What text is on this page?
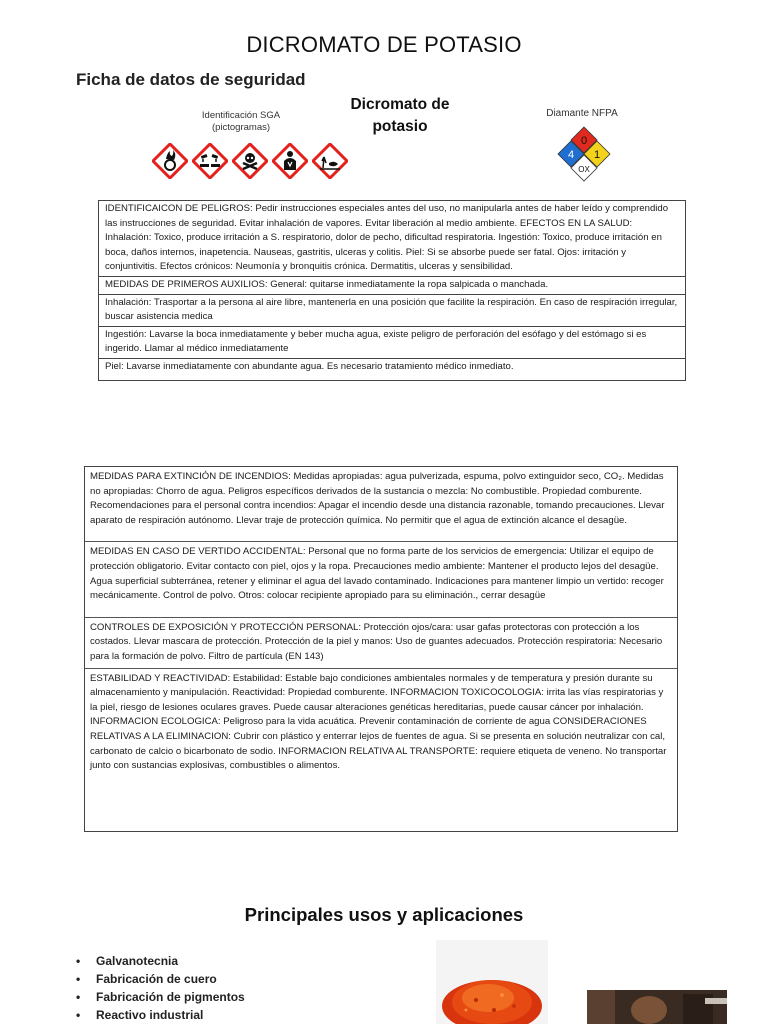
DICROMATO DE POTASIO
Ficha de datos de seguridad
Identificación SGA
(pictogramas)
Dicromato de
potasio
Diamante NFPA
0
4 1
OX

IDENTIFICAICON DE PELIGROS: Pedir instrucciones especiales antes del uso, no manipularla antes de haber leído y comprendido las instrucciones de seguridad. Evitar inhalación de vapores. Evitar liberación al medio ambiente. EFECTOS EN LA SALUD: Inhalación: Toxico, produce irritación a S. respiratorio, dolor de pecho, dificultad respiratoria. Ingestión: Toxico, produce irritación en boca, daños internos, inapetencia. Nauseas, gastritis, ulceras y colitis. Piel: Si se absorbe puede ser fatal. Ojos: irritación y conjuntivitis. Efectos crónicos: Neumonía y bronquitis crónica. Dermatitis, ulceras y sensibilidad.

MEDIDAS DE PRIMEROS AUXILIOS: General: quitarse inmediatamente la ropa salpicada o manchada.

Inhalación: Trasportar a la persona al aire libre, mantenerla en una posición que facilite la respiración. En caso de respiración irregular, buscar asistencia medica

Ingestión: Lavarse la boca inmediatamente y beber mucha agua, existe peligro de perforación del esófago y del estómago si es ingerido. Llamar al médico inmediatamente

Piel: Lavarse inmediatamente con abundante agua. Es necesario tratamiento médico inmediato.

MEDIDAS PARA EXTINCIÓN DE INCENDIOS: Medidas apropiadas: agua pulverizada, espuma, polvo extinguidor seco, CO₂. Medidas no apropiadas: Chorro de agua. Peligros específicos derivados de la sustancia o mezcla: No combustible. Propiedad comburente. Recomendaciones para el personal contra incendios: Apagar el incendio desde una distancia razonable, tomando precauciones. Llevar aparato de respiración autónomo. Llevar traje de protección química. No permitir que el agua de extinción alcance el desagüe.

MEDIDAS EN CASO DE VERTIDO ACCIDENTAL: Personal que no forma parte de los servicios de emergencia: Utilizar el equipo de protección obligatorio. Evitar contacto con piel, ojos y la ropa. Precauciones medio ambiente: Mantener el producto lejos del desagüe. Agua superficial subterránea, retener y eliminar el agua del lavado contaminado. Indicaciones para mantener limpio un vertido: recoger mecánicamente. Control de polvo. Otros: colocar recipiente apropiado para su eliminación., cerrar desagüe

CONTROLES DE EXPOSICIÓN Y PROTECCIÓN PERSONAL: Protección ojos/cara: usar gafas protectoras con protección a los costados. Llevar mascara de protección. Protección de la piel y manos: Uso de guantes adecuados. Protección respiratoria: Necesario para la formación de polvo. Filtro de partícula (EN 143)

ESTABILIDAD Y REACTIVIDAD: Estabilidad: Estable bajo condiciones ambientales normales y de temperatura y presión durante su almacenamiento y manipulación. Reactividad: Propiedad comburente. INFORMACION TOXICOCOLOGIA: irrita las vías respiratorias y la piel, riesgo de lesiones oculares graves. Puede causar alteraciones genéticas hereditarias, puede causar cáncer por inhalación. INFORMACION ECOLOGICA: Peligroso para la vida acuática. Prevenir contaminación de corriente de agua CONSIDERACIONES RELATIVAS A LA ELIMINACION: Cubrir con plástico y enterrar lejos de fuentes de agua. Si se presenta en solución neutralizar con cal, carbonato de calcio o bicarbonato de sodio. INFORMACION RELATIVA AL TRANSPORTE: requiere etiqueta de veneno. No transportar junto con sustancias explosivas, combustibles o alimentos.

Principales usos y aplicaciones
• Galvanotecnia
• Fabricación de cuero
• Fabricación de pigmentos
• Reactivo industrial
